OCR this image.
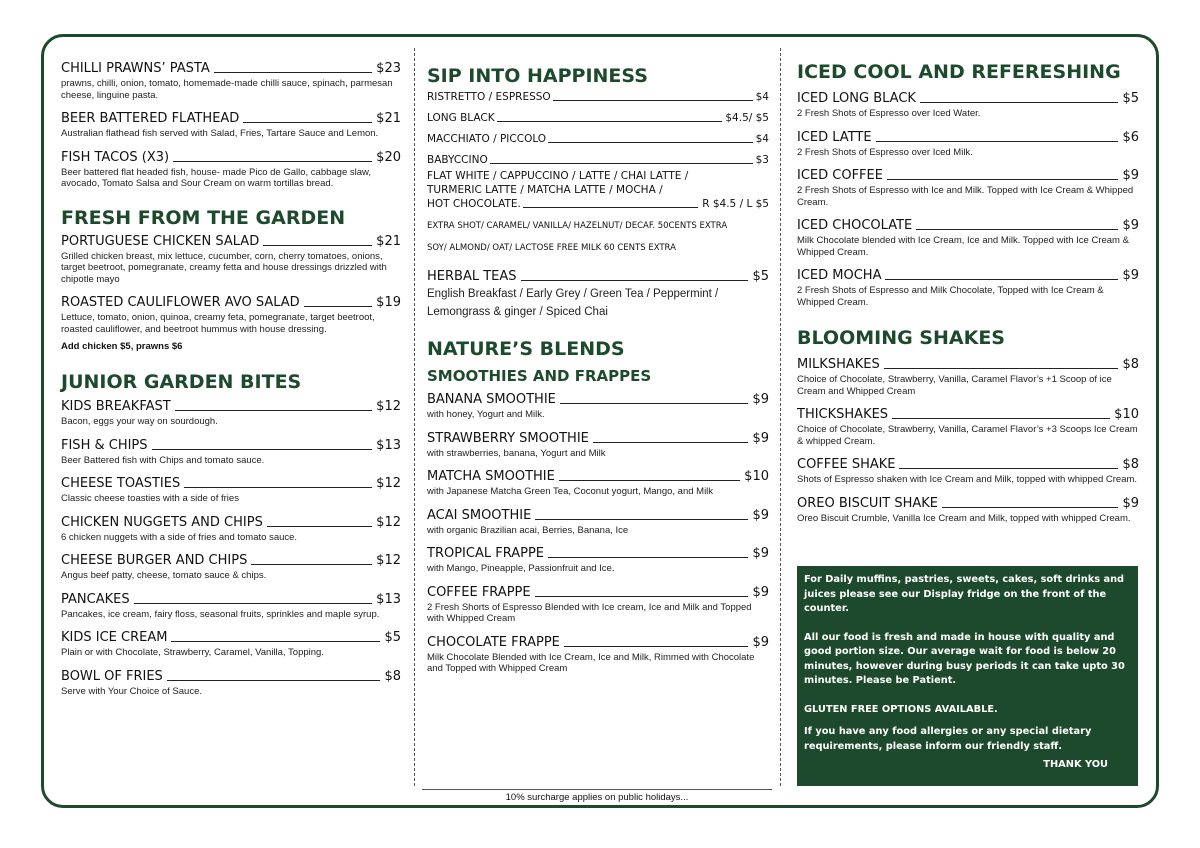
CHILLI PRAWNS’ PASTA	$23
prawns, chilli, onion, tomato, homemade-made chilli sauce, spinach, parmesan cheese, linguine pasta.
BEER BATTERED FLATHEAD	$21
Australian flathead fish served with Salad, Fries, Tartare Sauce and Lemon.
FISH TACOS (X3)	$20
Beer battered flat headed fish, house- made Pico de Gallo, cabbage slaw, avocado, Tomato Salsa and Sour Cream on warm tortillas bread.
FRESH FROM THE GARDEN
PORTUGUESE CHICKEN SALAD	$21
Grilled chicken breast, mix lettuce, cucumber, corn, cherry tomatoes, onions, target beetroot, pomegranate, creamy fetta and house dressings drizzled with chipotle mayo
ROASTED CAULIFLOWER AVO SALAD	$19
Lettuce, tomato, onion, quinoa, creamy feta, pomegranate, target beetroot, roasted cauliflower, and beetroot hummus with house dressing.
Add chicken $5, prawns $6
JUNIOR GARDEN BITES
KIDS BREAKFAST	$12
Bacon, eggs your way on sourdough.
FISH & CHIPS	$13
Beer Battered fish with Chips and tomato sauce.
CHEESE TOASTIES	$12
Classic cheese toasties with a side of fries
CHICKEN NUGGETS AND CHIPS	$12
6 chicken nuggets with a side of fries and tomato sauce.
CHEESE BURGER AND CHIPS	$12
Angus beef patty, cheese, tomato sauce & chips.
PANCAKES	$13
Pancakes, ice cream, fairy floss, seasonal fruits, sprinkles and maple syrup.
KIDS ICE CREAM	$5
Plain or with Chocolate, Strawberry, Caramel, Vanilla, Topping.
BOWL OF FRIES	$8
Serve with Your Choice of Sauce.
SIP INTO HAPPINESS
RISTRETTO / ESPRESSO	$4
LONG BLACK	$4.5/ $5
MACCHIATO / PICCOLO	$4
BABYCCINO	$3
FLAT WHITE / CAPPUCCINO / LATTE / CHAI LATTE /
TURMERIC LATTE / MATCHA LATTE / MOCHA /
HOT CHOCOLATE.	R $4.5 / L $5
EXTRA SHOT/ CARAMEL/ VANILLA/ HAZELNUT/ DECAF. 50CENTS EXTRA
SOY/ ALMOND/ OAT/ LACTOSE FREE MILK 60 CENTS EXTRA
HERBAL TEAS	$5
English Breakfast / Early Grey / Green Tea / Peppermint / Lemongrass & ginger / Spiced Chai
NATURE’S BLENDS
SMOOTHIES AND FRAPPES
BANANA SMOOTHIE	$9
with honey, Yogurt and Milk.
STRAWBERRY SMOOTHIE	$9
with strawberries, banana, Yogurt and Milk
MATCHA SMOOTHIE	$10
with Japanese Matcha Green Tea, Coconut yogurt, Mango, and Milk
ACAI SMOOTHIE	$9
with organic Brazilian acai, Berries, Banana, Ice
TROPICAL FRAPPE	$9
with Mango, Pineapple, Passionfruit and Ice.
COFFEE FRAPPE	$9
2 Fresh Shorts of Espresso Blended with Ice cream, Ice and Milk and Topped with Whipped Cream
CHOCOLATE FRAPPE	$9
Milk Chocolate Blended with Ice Cream, Ice and Milk, Rimmed with Chocolate and Topped with Whipped Cream
10% surcharge applies on public holidays...
ICED COOL AND REFERESHING
ICED LONG BLACK	$5
2 Fresh Shots of Espresso over Iced Water.
ICED LATTE	$6
2 Fresh Shots of Espresso over Iced Milk.
ICED COFFEE	$9
2 Fresh Shots of Espresso with Ice and Milk. Topped with Ice Cream & Whipped Cream.
ICED CHOCOLATE	$9
Milk Chocolate blended with Ice Cream, Ice and Milk. Topped with Ice Cream & Whipped Cream.
ICED MOCHA	$9
2 Fresh Shots of Espresso and Milk Chocolate, Topped with Ice Cream & Whipped Cream.
BLOOMING SHAKES
MILKSHAKES	$8
Choice of Chocolate, Strawberry, Vanilla, Caramel Flavor’s +1 Scoop of ice Cream and Whipped Cream
THICKSHAKES	$10
Choice of Chocolate, Strawberry, Vanilla, Caramel Flavor’s +3 Scoops Ice Cream & whipped Cream.
COFFEE SHAKE	$8
Shots of Espresso shaken with Ice Cream and Milk, topped with whipped Cream.
OREO BISCUIT SHAKE	$9
Oreo Biscuit Crumble, Vanilla Ice Cream and Milk, topped with whipped Cream.

For Daily muffins, pastries, sweets, cakes, soft drinks and juices please see our Display fridge on the front of the counter.

All our food is fresh and made in house with quality and good portion size. Our average wait for food is below 20 minutes, however during busy periods it can take upto 30 minutes. Please be Patient.

GLUTEN FREE OPTIONS AVAILABLE.

If you have any food allergies or any special dietary requirements, please inform our friendly staff.

THANK YOU
